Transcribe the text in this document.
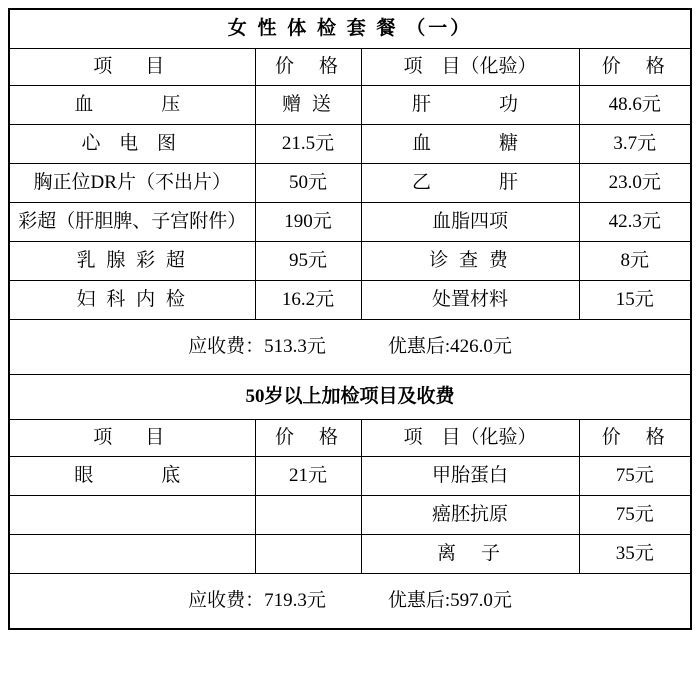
女 性 体 检 套 餐 （一）			
项　目	价　格	项　目（化验）	价　格
血　　压	赠 送	肝　　功	48.6元
心 电 图	21.5元	血　　糖	3.7元
胸正位DR片（不出片）	50元	乙　　肝	23.0元
彩超（肝胆脾、子宫附件）	190元	血脂四项	42.3元
乳 腺 彩 超	95元	诊 查 费	8元
妇 科 内 检	16.2元	处置材料	15元

应收费：513.3元 优惠后:426.0元			

50岁以上加检项目及收费			
项　目	价　格	项　目（化验）	价　格
眼　　底	21元	甲胎蛋白	75元
		癌胚抗原	75元
		离　子	35元

应收费：719.3元 优惠后:597.0元			
